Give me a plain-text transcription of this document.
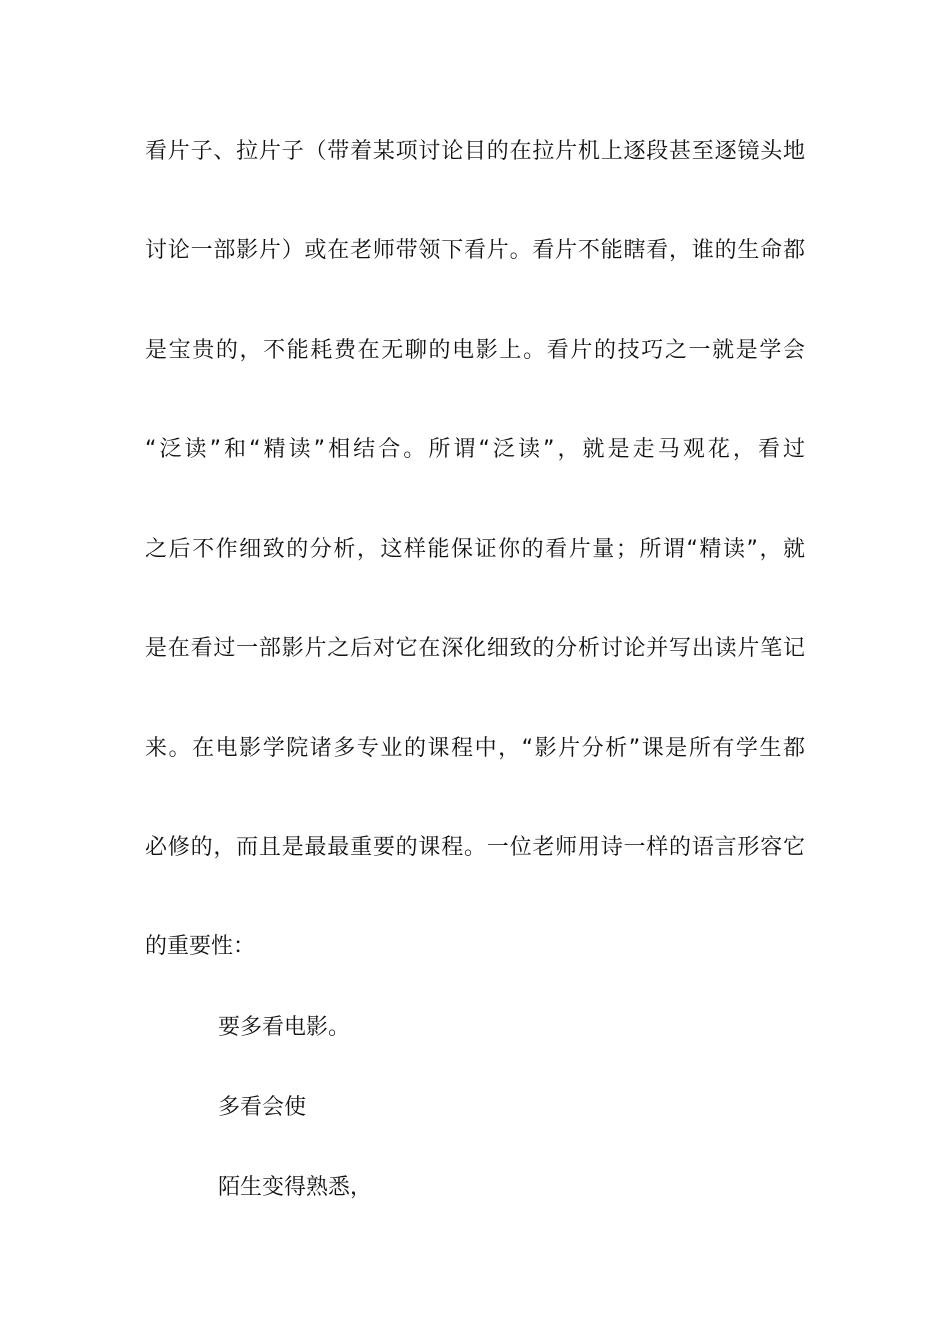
看片子、拉片子（带着某项讨论目的在拉片机上逐段甚至逐镜头地
讨论一部影片）或在老师带领下看片。看片不能瞎看，谁的生命都
是宝贵的，不能耗费在无聊的电影上。看片的技巧之一就是学会
“泛读”和“精读”相结合。所谓“泛读”，就是走马观花，看过
之后不作细致的分析，这样能保证你的看片量；所谓“精读”，就
是在看过一部影片之后对它在深化细致的分析讨论并写出读片笔记
来。在电影学院诸多专业的课程中，“影片分析”课是所有学生都
必修的，而且是最最重要的课程。一位老师用诗一样的语言形容它
的重要性：
要多看电影。
多看会使
陌生变得熟悉，
